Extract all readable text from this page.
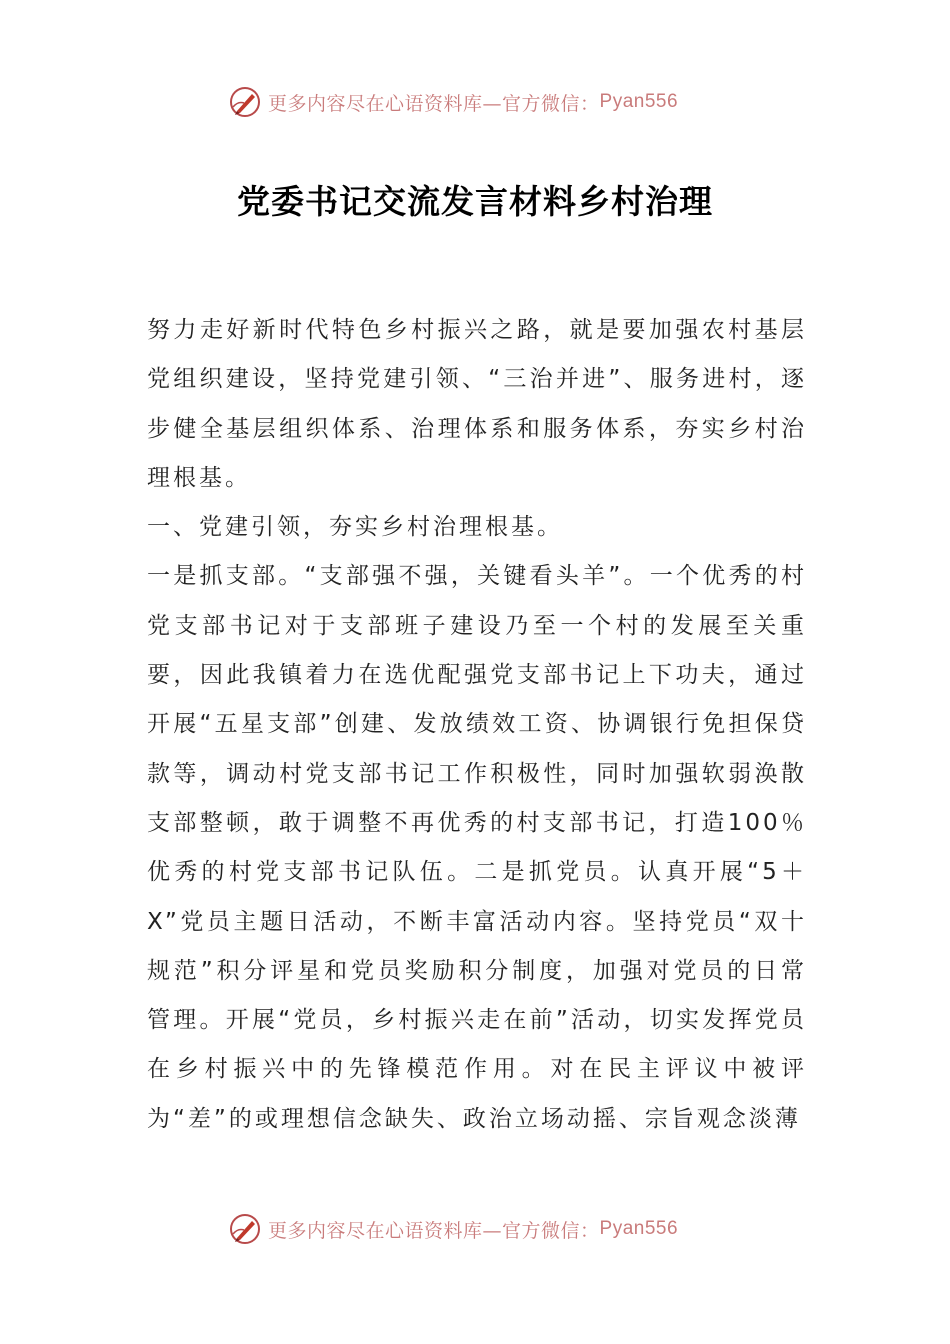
更多内容尽在心语资料库—官方微信： Pyan556
党委书记交流发言材料乡村治理

努力走好新时代特色乡村振兴之路，就是要加强农村基层党组织建设，坚持党建引领、“三治并进”、服务进村，逐步健全基层组织体系、治理体系和服务体系，夯实乡村治理根基。

一、党建引领，夯实乡村治理根基。

一是抓支部。“支部强不强，关键看头羊”。一个优秀的村党支部书记对于支部班子建设乃至一个村的发展至关重要，因此我镇着力在选优配强党支部书记上下功夫，通过开展“五星支部”创建、发放绩效工资、协调银行免担保贷款等，调动村党支部书记工作积极性，同时加强软弱涣散支部整顿，敢于调整不再优秀的村支部书记，打造100％优秀的村党支部书记队伍。二是抓党员。认真开展“5＋X”党员主题日活动，不断丰富活动内容。坚持党员“双十规范”积分评星和党员奖励积分制度，加强对党员的日常管理。开展“党员，乡村振兴走在前”活动，切实发挥党员在乡村振兴中的先锋模范作用。对在民主评议中被评为“差”的或理想信念缺失、政治立场动摇、宗旨观念淡薄

更多内容尽在心语资料库—官方微信： Pyan556
